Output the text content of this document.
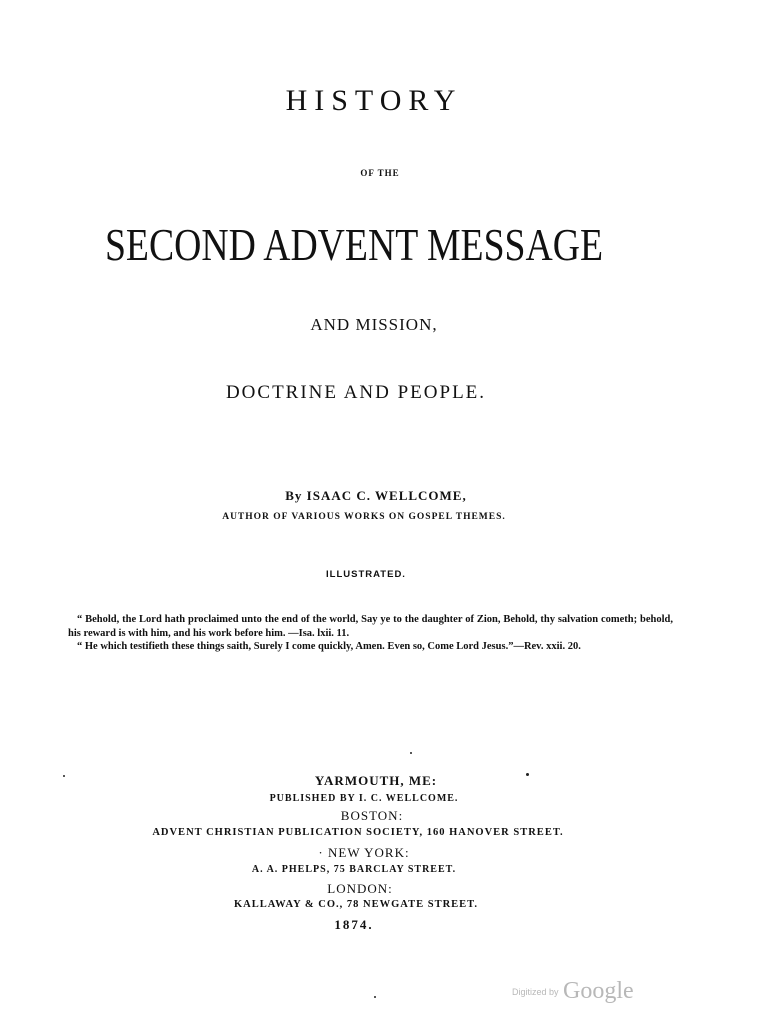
HISTORY
OF THE
SECOND ADVENT MESSAGE
AND MISSION,
DOCTRINE AND PEOPLE.
By ISAAC C. WELLCOME,
AUTHOR OF VARIOUS WORKS ON GOSPEL THEMES.
ILLUSTRATED.

“ Behold, the Lord hath proclaimed unto the end of the world, Say ye to the daughter of Zion, Behold, thy salvation cometh; behold, his reward is with him, and his work before him. —Isa. lxii. 11.

“ He which testifieth these things saith, Surely I come quickly, Amen. Even so, Come Lord Jesus.”—Rev. xxii. 20.

YARMOUTH, ME:
PUBLISHED BY I. C. WELLCOME.
BOSTON:
ADVENT CHRISTIAN PUBLICATION SOCIETY, 160 HANOVER STREET.
· NEW YORK:
A. A. PHELPS, 75 BARCLAY STREET.
LONDON:
KALLAWAY & CO., 78 NEWGATE STREET.
1874.
Digitized by Google
